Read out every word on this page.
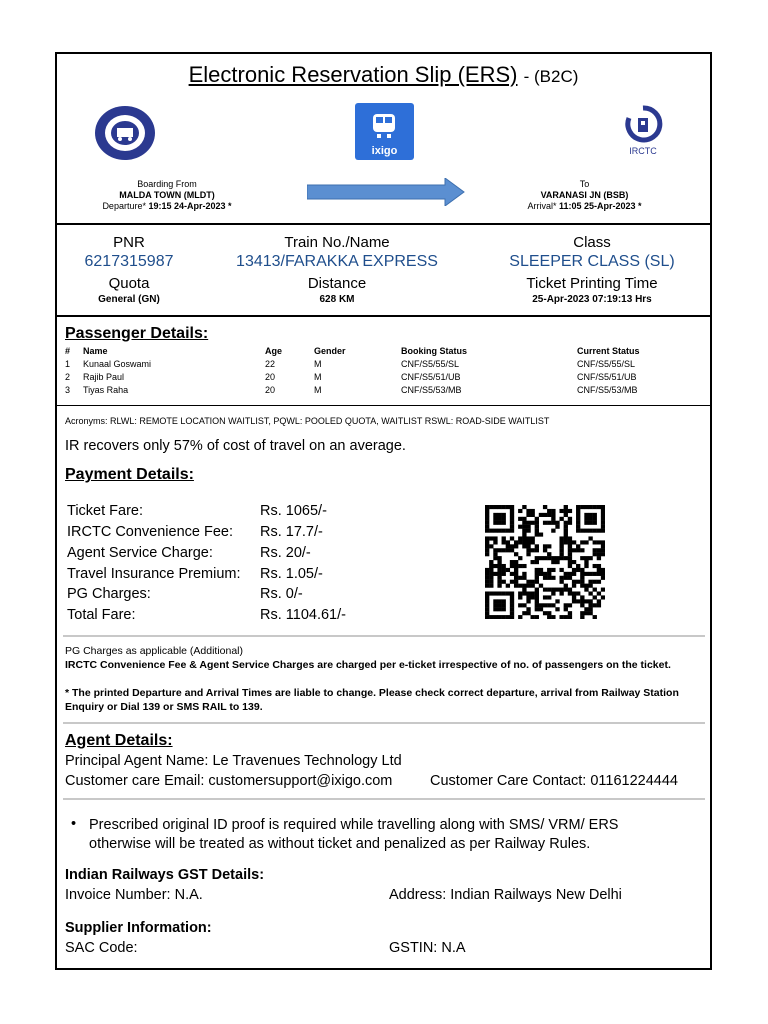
Electronic Reservation Slip (ERS) - (B2C)
ixigo	IRCTC
Boarding From
MALDA TOWN (MLDT)
Departure* 19:15 24-Apr-2023 *
To
VARANASI JN (BSB)
Arrival* 11:05 25-Apr-2023 *
PNR
6217315987
Train No./Name
13413/FARAKKA EXPRESS
Class
SLEEPER CLASS (SL)
Quota
General (GN)
Distance
628 KM
Ticket Printing Time
25-Apr-2023 07:19:13 Hrs
Passenger Details:
#	Name	Age	Gender	Booking Status	Current Status
1	Kunaal Goswami	22	M	CNF/S5/55/SL	CNF/S5/55/SL
2	Rajib Paul	20	M	CNF/S5/51/UB	CNF/S5/51/UB
3	Tiyas Raha	20	M	CNF/S5/53/MB	CNF/S5/53/MB
Acronyms: RLWL: REMOTE LOCATION WAITLIST, PQWL: POOLED QUOTA, WAITLIST RSWL: ROAD-SIDE WAITLIST
IR recovers only 57% of cost of travel on an average.
Payment Details:
Ticket Fare:	Rs. 1065/-
IRCTC Convenience Fee: Rs. 17.7/-
Agent Service Charge:	Rs. 20/-
Travel Insurance Premium: Rs. 1.05/-
PG Charges:	Rs. 0/-
Total Fare:	Rs. 1104.61/-
PG Charges as applicable (Additional)
IRCTC Convenience Fee & Agent Service Charges are charged per e-ticket irrespective of no. of passengers on the ticket.
* The printed Departure and Arrival Times are liable to change. Please check correct departure, arrival from Railway Station Enquiry or Dial 139 or SMS RAIL to 139.
Agent Details:
Principal Agent Name: Le Travenues Technology Ltd
Customer care Email: customersupport@ixigo.com	Customer Care Contact: 01161224444
• Prescribed original ID proof is required while travelling along with SMS/ VRM/ ERS otherwise will be treated as without ticket and penalized as per Railway Rules.
Indian Railways GST Details:
Invoice Number: N.A.	Address: Indian Railways New Delhi
Supplier Information:
SAC Code:	GSTIN: N.A
